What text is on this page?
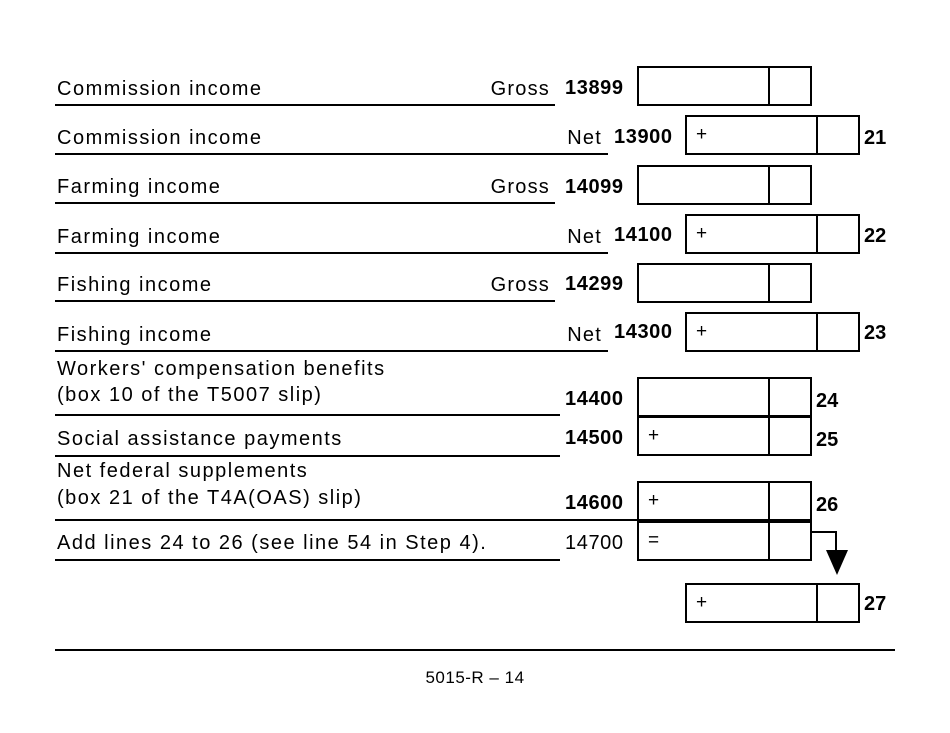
Commission income	Gross 13899
Commission income	Net 13900 +	21
Farming income	Gross 14099
Farming income	Net 14100 +	22
Fishing income	Gross 14299
Fishing income	Net 14300 +	23
Workers' compensation benefits
(box 10 of the T5007 slip)	14400	24
Social assistance payments	14500 +	25
Net federal supplements
(box 21 of the T4A(OAS) slip)	14600 +	26
Add lines 24 to 26 (see line 54 in Step 4).	14700 =
+	27
5015-R – 14
